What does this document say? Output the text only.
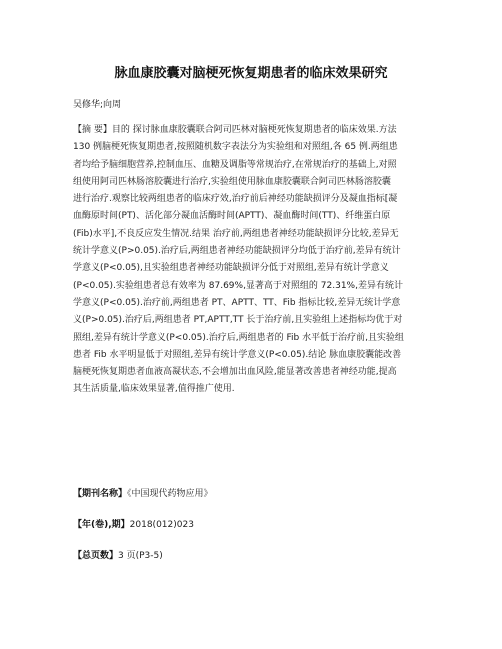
脉血康胶囊对脑梗死恢复期患者的临床效果研究
吴修华;向周
【摘 要】目的 探讨脉血康胶囊联合阿司匹林对脑梗死恢复期患者的临床效果.方法
130 例脑梗死恢复期患者,按照随机数字表法分为实验组和对照组,各 65 例.两组患
者均给予脑细胞营养,控制血压、血糖及调脂等常规治疗,在常规治疗的基础上,对照
组使用阿司匹林肠溶胶囊进行治疗,实验组使用脉血康胶囊联合阿司匹林肠溶胶囊
进行治疗.观察比较两组患者的临床疗效,治疗前后神经功能缺损评分及凝血指标[凝
血酶原时间(PT)、活化部分凝血活酶时间(APTT)、凝血酶时间(TT)、纤维蛋白原
(Fib)水平],不良反应发生情况.结果 治疗前,两组患者神经功能缺损评分比较,差异无
统计学意义(P>0.05).治疗后,两组患者神经功能缺损评分均低于治疗前,差异有统计
学意义(P<0.05),且实验组患者神经功能缺损评分低于对照组,差异有统计学意义
(P<0.05).实验组患者总有效率为 87.69%,显著高于对照组的 72.31%,差异有统计
学意义(P<0.05).治疗前,两组患者 PT、APTT、TT、Fib 指标比较,差异无统计学意
义(P>0.05).治疗后,两组患者 PT,APTT,TT 长于治疗前,且实验组上述指标均优于对
照组,差异有统计学意义(P<0.05).治疗后,两组患者的 Fib 水平低于治疗前,且实验组
患者 Fib 水平明显低于对照组,差异有统计学意义(P<0.05).结论 脉血康胶囊能改善
脑梗死恢复期患者血液高凝状态,不会增加出血风险,能显著改善患者神经功能,提高
其生活质量,临床效果显著,值得推广使用.
【期刊名称】《中国现代药物应用》
【年(卷),期】2018(012)023
【总页数】3 页(P3-5)
